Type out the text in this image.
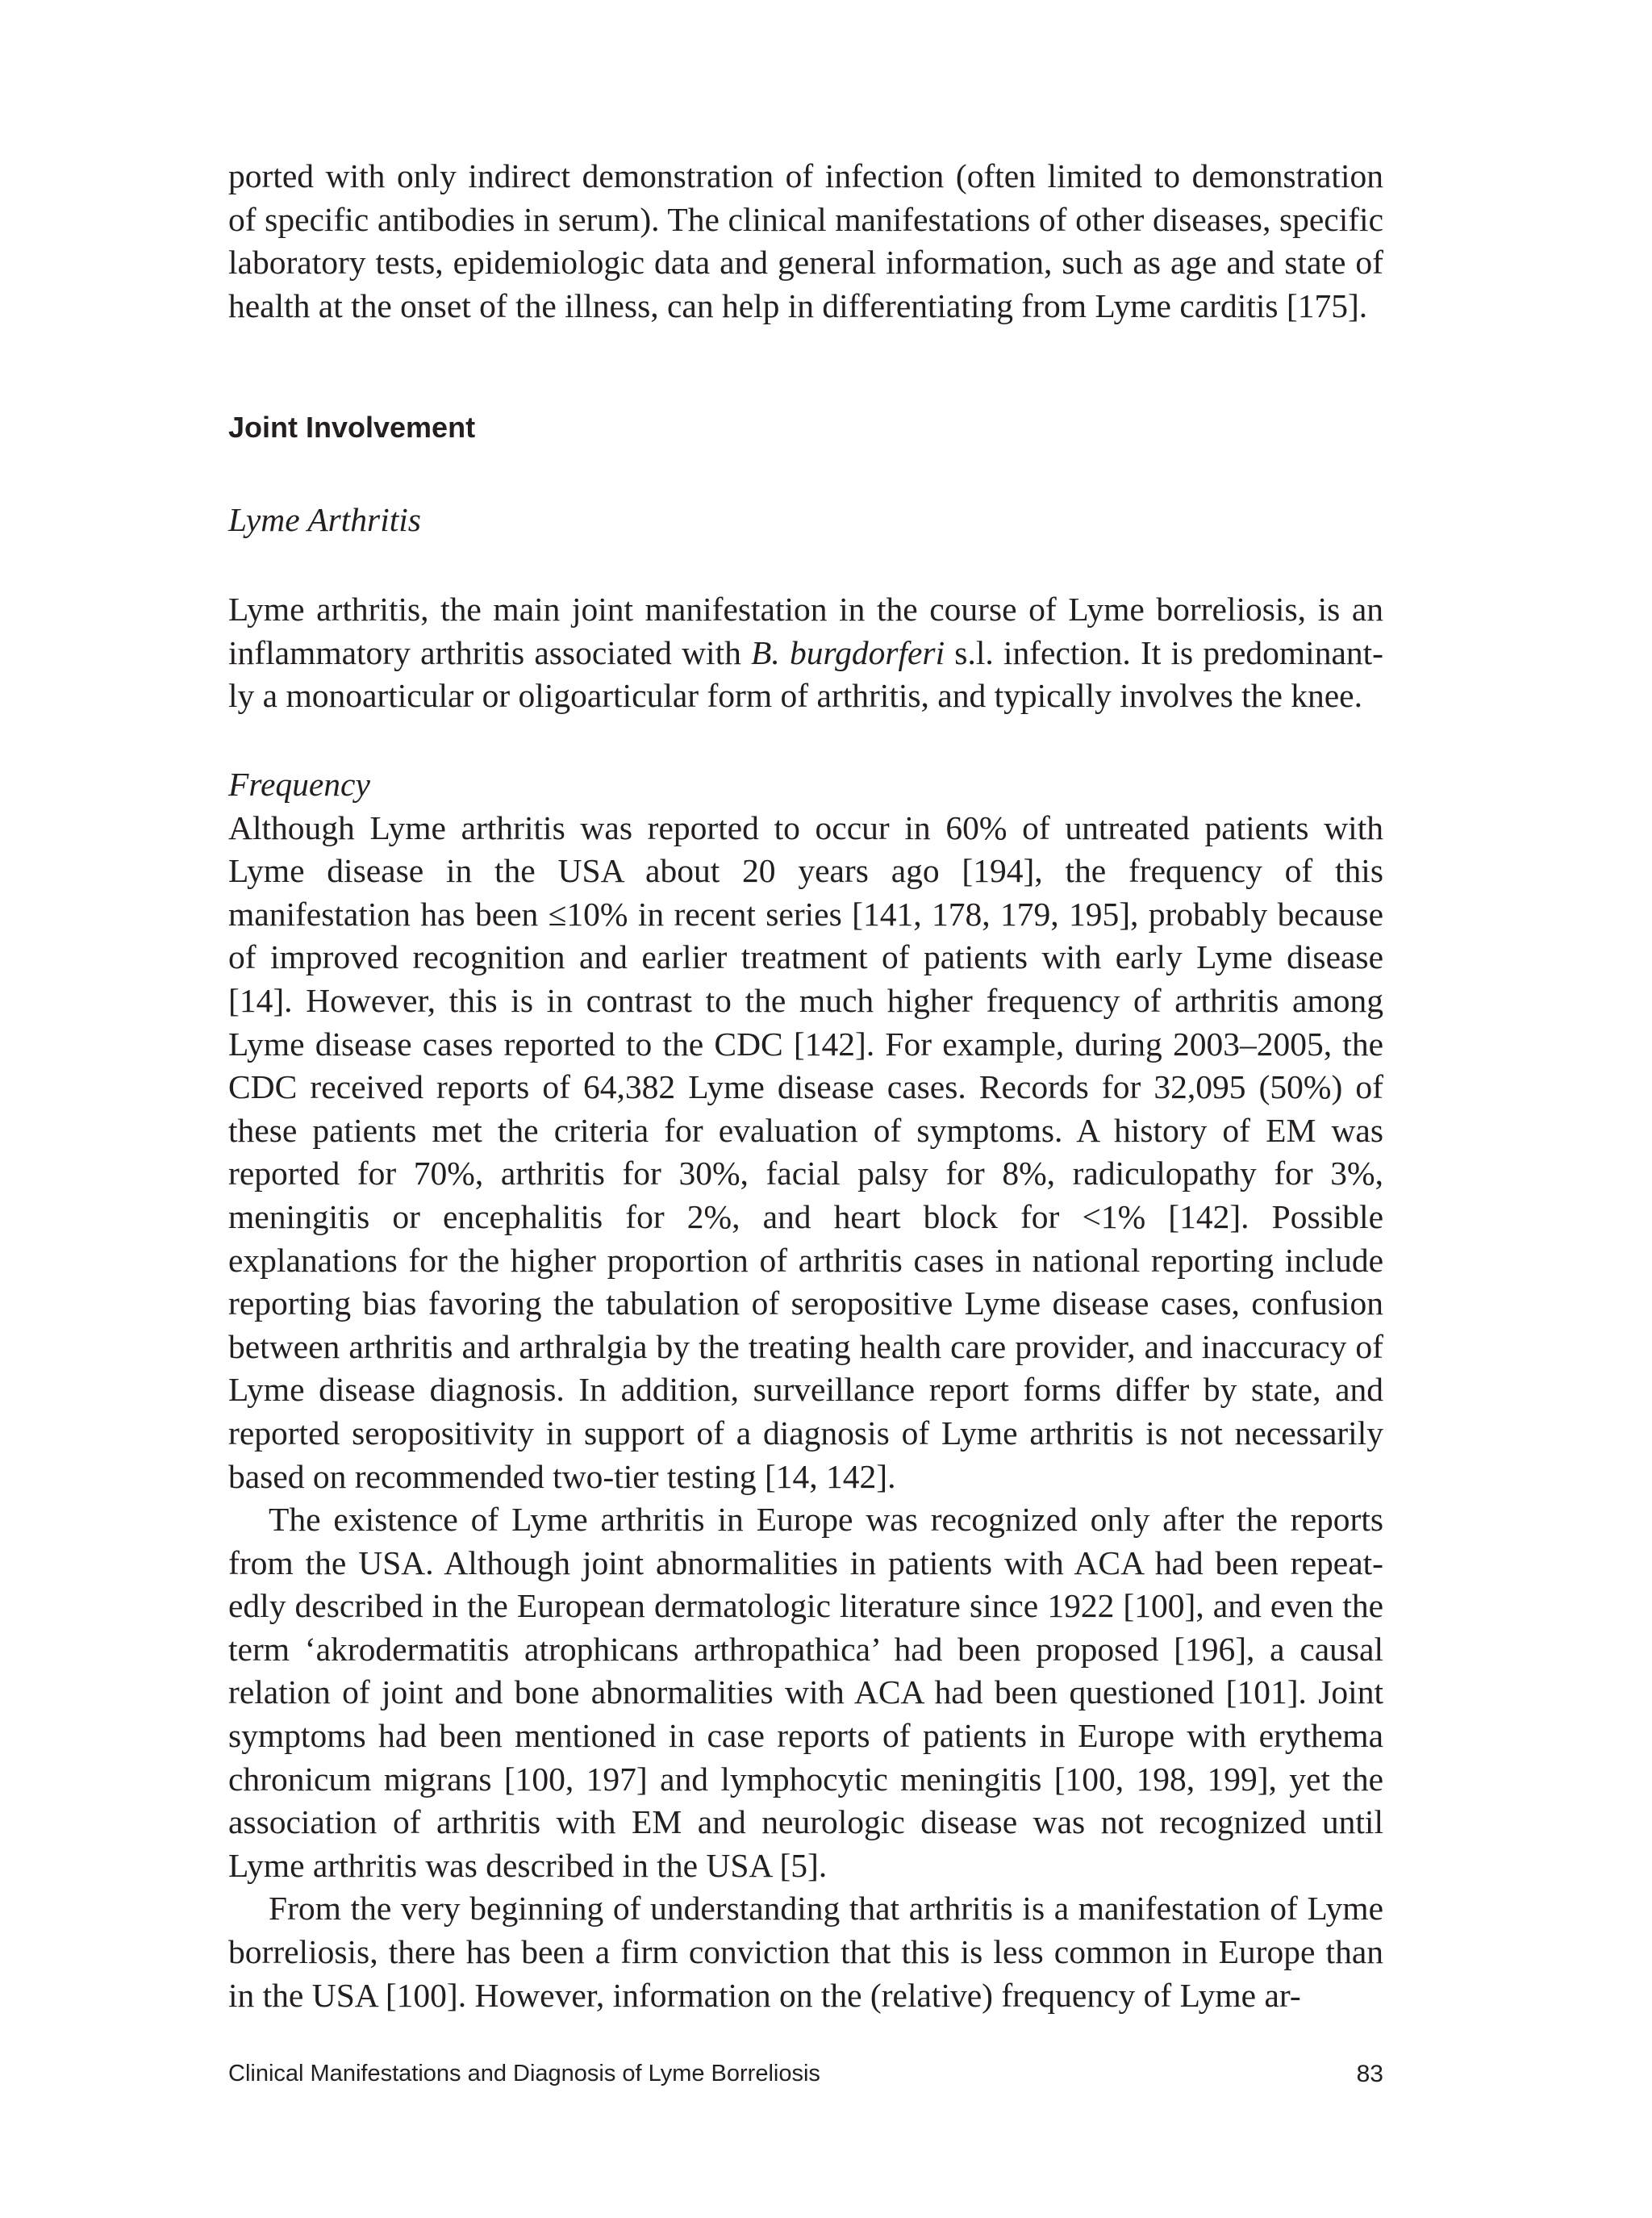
ported with only indirect demonstration of infection (often limited to demonstration of specific antibodies in serum). The clinical manifestations of other diseases, specific laboratory tests, epidemiologic data and general information, such as age and state of health at the onset of the illness, can help in differentiating from Lyme carditis [175].

Joint Involvement
Lyme Arthritis

Lyme arthritis, the main joint manifestation in the course of Lyme borreliosis, is an inflammatory arthritis associated with B. burgdorferi s.l. infection. It is predominantly a monoarticular or oligoarticular form of arthritis, and typically involves the knee.

Frequency

Although Lyme arthritis was reported to occur in 60% of untreated patients with Lyme disease in the USA about 20 years ago [194], the frequency of this manifestation has been ≤10% in recent series [141, 178, 179, 195], probably because of improved recognition and earlier treatment of patients with early Lyme disease [14]. However, this is in contrast to the much higher frequency of arthritis among Lyme disease cases reported to the CDC [142]. For example, during 2003–2005, the CDC received reports of 64,382 Lyme disease cases. Records for 32,095 (50%) of these patients met the criteria for evaluation of symptoms. A history of EM was reported for 70%, arthritis for 30%, facial palsy for 8%, radiculopathy for 3%, meningitis or encephalitis for 2%, and heart block for <1% [142]. Possible explanations for the higher proportion of arthritis cases in national reporting include reporting bias favoring the tabulation of seropositive Lyme disease cases, confusion between arthritis and arthralgia by the treating health care provider, and inaccuracy of Lyme disease diagnosis. In addition, surveillance report forms differ by state, and reported seropositivity in support of a diagnosis of Lyme arthritis is not necessarily based on recommended two-tier testing [14, 142].

The existence of Lyme arthritis in Europe was recognized only after the reports from the USA. Although joint abnormalities in patients with ACA had been repeatedly described in the European dermatologic literature since 1922 [100], and even the term ‘akrodermatitis atrophicans arthropathica’ had been proposed [196], a causal relation of joint and bone abnormalities with ACA had been questioned [101]. Joint symptoms had been mentioned in case reports of patients in Europe with erythema chronicum migrans [100, 197] and lymphocytic meningitis [100, 198, 199], yet the association of arthritis with EM and neurologic disease was not recognized until Lyme arthritis was described in the USA [5].

From the very beginning of understanding that arthritis is a manifestation of Lyme borreliosis, there has been a firm conviction that this is less common in Europe than in the USA [100]. However, information on the (relative) frequency of Lyme ar-

Clinical Manifestations and Diagnosis of Lyme Borreliosis	83
